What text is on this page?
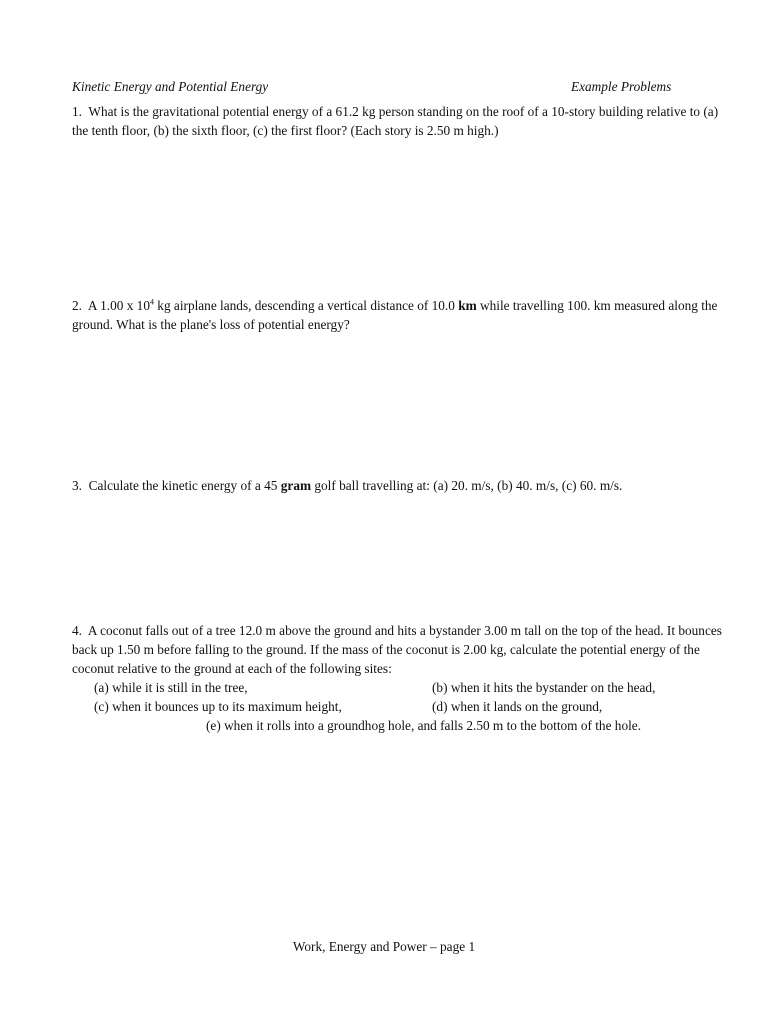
Kinetic Energy and Potential Energy	Example Problems

1. What is the gravitational potential energy of a 61.2 kg person standing on the roof of a 10-story building relative to (a) the tenth floor, (b) the sixth floor, (c) the first floor? (Each story is 2.50 m high.)

2. A 1.00 x $10^4$ kg airplane lands, descending a vertical distance of 10.0 km while travelling 100. km measured along the ground. What is the plane's loss of potential energy?

3. Calculate the kinetic energy of a 45 gram golf ball travelling at: (a) 20. m/s, (b) 40. m/s, (c) 60. m/s.

4. A coconut falls out of a tree 12.0 m above the ground and hits a bystander 3.00 m tall on the top of the head. It bounces back up 1.50 m before falling to the ground. If the mass of the coconut is 2.00 kg, calculate the potential energy of the coconut relative to the ground at each of the following sites:

(a) while it is still in the tree,	(b) when it hits the bystander on the head,
(c) when it bounces up to its maximum height,	(d) when it lands on the ground,
(e) when it rolls into a groundhog hole, and falls 2.50 m to the bottom of the hole.
Work, Energy and Power – page 1
